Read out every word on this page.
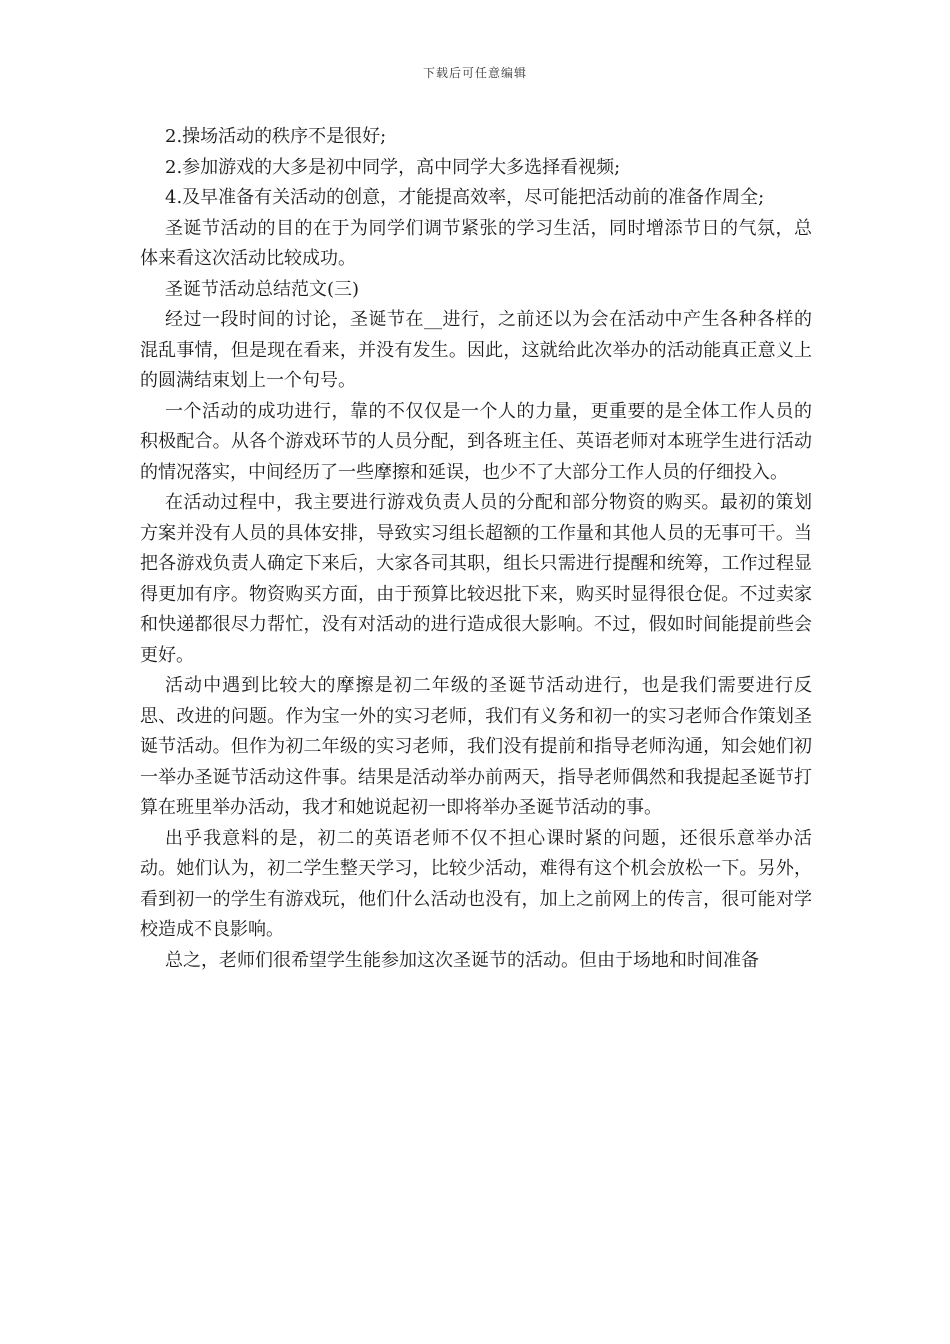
下载后可任意编辑

2.操场活动的秩序不是很好;

2.参加游戏的大多是初中同学，高中同学大多选择看视频;

4.及早准备有关活动的创意，才能提高效率，尽可能把活动前的准备作周全;

圣诞节活动的目的在于为同学们调节紧张的学习生活，同时增添节日的气氛，总体来看这次活动比较成功。

圣诞节活动总结范文(三)

经过一段时间的讨论，圣诞节在__进行，之前还以为会在活动中产生各种各样的混乱事情，但是现在看来，并没有发生。因此，这就给此次举办的活动能真正意义上的圆满结束划上一个句号。

一个活动的成功进行，靠的不仅仅是一个人的力量，更重要的是全体工作人员的积极配合。从各个游戏环节的人员分配，到各班主任、英语老师对本班学生进行活动的情况落实，中间经历了一些摩擦和延误，也少不了大部分工作人员的仔细投入。

在活动过程中，我主要进行游戏负责人员的分配和部分物资的购买。最初的策划方案并没有人员的具体安排，导致实习组长超额的工作量和其他人员的无事可干。当把各游戏负责人确定下来后，大家各司其职，组长只需进行提醒和统筹，工作过程显得更加有序。物资购买方面，由于预算比较迟批下来，购买时显得很仓促。不过卖家和快递都很尽力帮忙，没有对活动的进行造成很大影响。不过，假如时间能提前些会更好。

活动中遇到比较大的摩擦是初二年级的圣诞节活动进行，也是我们需要进行反思、改进的问题。作为宝一外的实习老师，我们有义务和初一的实习老师合作策划圣诞节活动。但作为初二年级的实习老师，我们没有提前和指导老师沟通，知会她们初一举办圣诞节活动这件事。结果是活动举办前两天，指导老师偶然和我提起圣诞节打算在班里举办活动，我才和她说起初一即将举办圣诞节活动的事。

出乎我意料的是，初二的英语老师不仅不担心课时紧的问题，还很乐意举办活动。她们认为，初二学生整天学习，比较少活动，难得有这个机会放松一下。另外，看到初一的学生有游戏玩，他们什么活动也没有，加上之前网上的传言，很可能对学校造成不良影响。

总之，老师们很希望学生能参加这次圣诞节的活动。但由于场地和时间准备
